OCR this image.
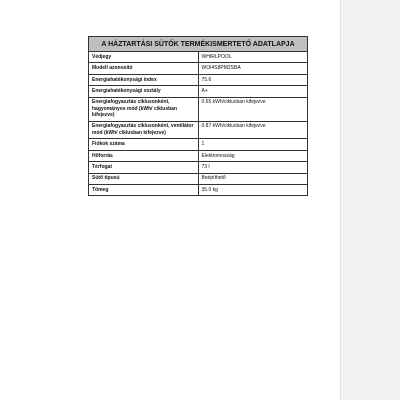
A HÁZTARTÁSI SÜTŐK TERMÉKISMERTETŐ ADATLAPJA	
Védjegy	WHIRLPOOL
Modell azonosító	WOI4S8PM2SBA
Energiahatékonysági index	75.6
Energiahatékonysági osztály	A+
Energiafogyasztás ciklusonként, hagyományos mód (kWh/ ciklusban kifejezve)	0.65 kWh/ciklusban kifejezve
Energiafogyasztás ciklusonként, ventilátor mód (kWh/ ciklusban kifejezve)	0.87 kWh/ciklusban kifejezve
Fiókok száma	1
Hőforrás	Elektromosság
Térfogat	73 l
Sütő típusú	Beépíthető
Tömeg	35.0 kg
